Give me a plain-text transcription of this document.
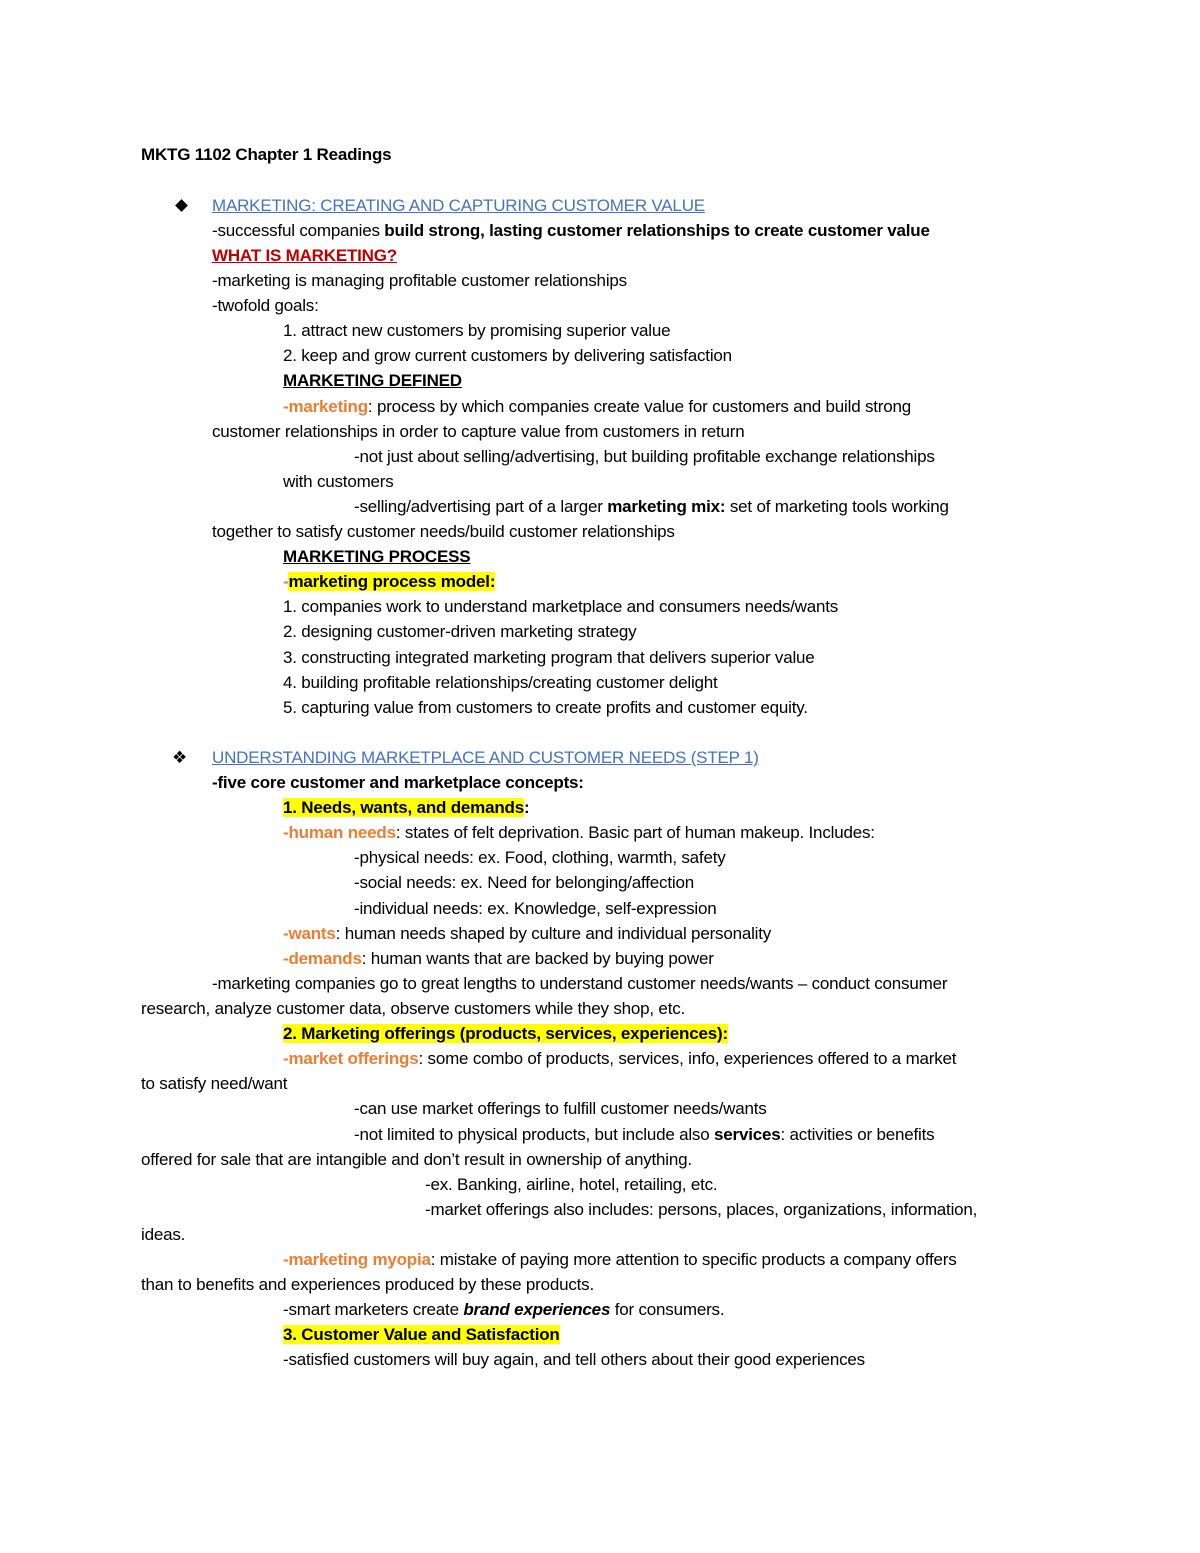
MKTG 1102 Chapter 1 Readings
MARKETING: CREATING AND CAPTURING CUSTOMER VALUE
-successful companies build strong, lasting customer relationships to create customer value
WHAT IS MARKETING?
-marketing is managing profitable customer relationships
-twofold goals:
1. attract new customers by promising superior value
2. keep and grow current customers by delivering satisfaction
MARKETING DEFINED
-marketing: process by which companies create value for customers and build strong
customer relationships in order to capture value from customers in return
-not just about selling/advertising, but building profitable exchange relationships
with customers
-selling/advertising part of a larger marketing mix: set of marketing tools working
together to satisfy customer needs/build customer relationships
MARKETING PROCESS
-marketing process model:
1. companies work to understand marketplace and consumers needs/wants
2. designing customer-driven marketing strategy
3. constructing integrated marketing program that delivers superior value
4. building profitable relationships/creating customer delight
5. capturing value from customers to create profits and customer equity.
❖ UNDERSTANDING MARKETPLACE AND CUSTOMER NEEDS (STEP 1)
-five core customer and marketplace concepts:
1. Needs, wants, and demands:
-human needs: states of felt deprivation. Basic part of human makeup. Includes:
-physical needs: ex. Food, clothing, warmth, safety
-social needs: ex. Need for belonging/affection
-individual needs: ex. Knowledge, self-expression
-wants: human needs shaped by culture and individual personality
-demands: human wants that are backed by buying power
-marketing companies go to great lengths to understand customer needs/wants – conduct consumer
research, analyze customer data, observe customers while they shop, etc.
2. Marketing offerings (products, services, experiences):
-market offerings: some combo of products, services, info, experiences offered to a market
to satisfy need/want
-can use market offerings to fulfill customer needs/wants
-not limited to physical products, but include also services: activities or benefits
offered for sale that are intangible and don’t result in ownership of anything.
-ex. Banking, airline, hotel, retailing, etc.
-market offerings also includes: persons, places, organizations, information,
ideas.
-marketing myopia: mistake of paying more attention to specific products a company offers
than to benefits and experiences produced by these products.
-smart marketers create brand experiences for consumers.
3. Customer Value and Satisfaction
-satisfied customers will buy again, and tell others about their good experiences
